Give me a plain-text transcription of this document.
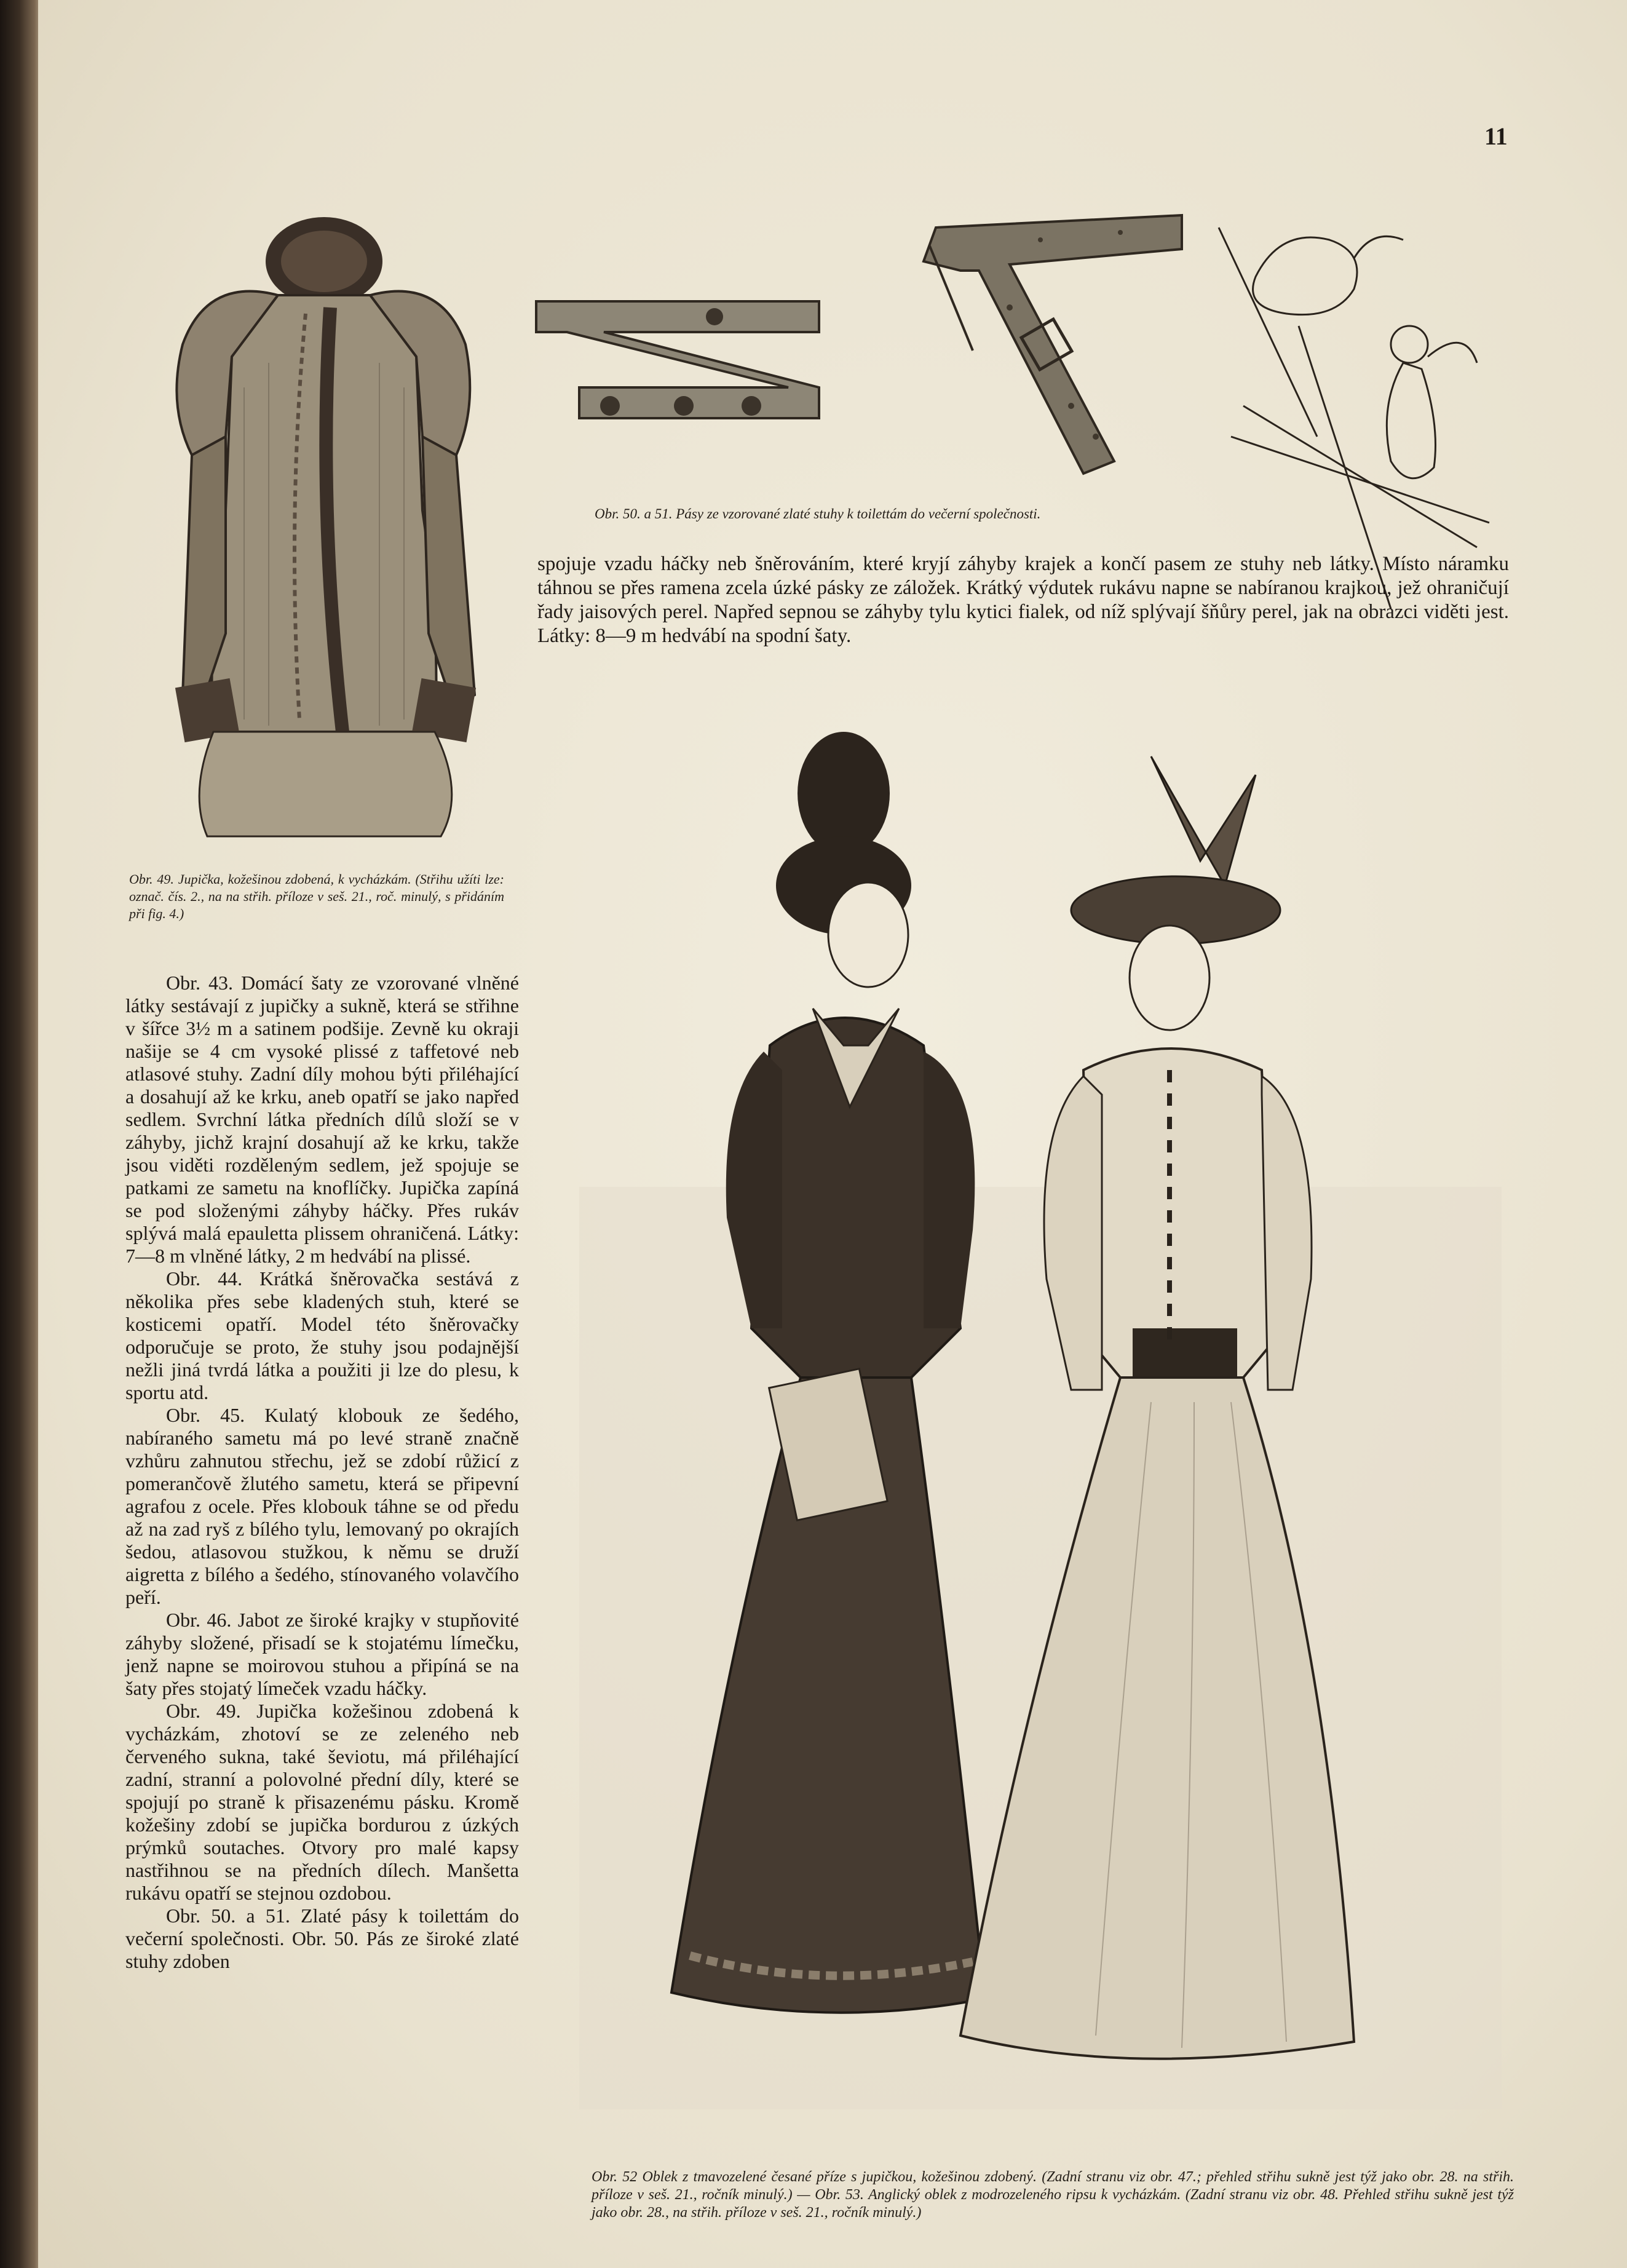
11
Obr. 50. a 51. Pásy ze vzorované zlaté stuhy k toilettám do večerní společnosti.

spojuje vzadu háčky neb šněrováním, které kryjí záhyby krajek a končí pasem ze stuhy neb látky. Místo náramku táhnou se přes ramena zcela úzké pásky ze záložek. Krátký výdutek rukávu napne se nabíranou krajkou, jež ohraničují řady jaisových perel. Napřed sepnou se záhyby tylu kytici fialek, od níž splývají šňůry perel, jak na obrazci viděti jest. Látky: 8—9 m hedvábí na spodní šaty.

Obr. 49. Jupička, kožešinou zdobená, k vycházkám. (Střihu užíti lze: označ. čís. 2., na na střih. příloze v seš. 21., roč. minulý, s přidáním při fig. 4.)

Obr. 43. Domácí šaty ze vzorované vlněné látky sestávají z jupičky a sukně, která se střihne v šířce 3½ m a satinem podšije. Zevně ku okraji našije se 4 cm vysoké plissé z taffetové neb atlasové stuhy. Zadní díly mohou býti přiléhající a dosahují až ke krku, aneb opatří se jako napřed sedlem. Svrchní látka předních dílů složí se v záhyby, jichž krajní dosahují až ke krku, takže jsou viděti rozděleným sedlem, jež spojuje se patkami ze sametu na knoflíčky. Jupička zapíná se pod složenými záhyby háčky. Přes rukáv splývá malá epauletta plissem ohraničená. Látky: 7—8 m vlněné látky, 2 m hedvábí na plissé.

Obr. 44. Krátká šněrovačka sestává z několika přes sebe kladených stuh, které se kosticemi opatří. Model této šněrovačky odporučuje se proto, že stuhy jsou podajnější nežli jiná tvrdá látka a použiti ji lze do plesu, k sportu atd.

Obr. 45. Kulatý klobouk ze šedého, nabíraného sametu má po levé straně značně vzhůru zahnutou střechu, jež se zdobí růžicí z pomerančově žlutého sametu, která se připevní agrafou z ocele. Přes klobouk táhne se od předu až na zad ryš z bílého tylu, lemovaný po okrajích šedou, atlasovou stužkou, k němu se druží aigretta z bílého a šedého, stínovaného volavčího peří.

Obr. 46. Jabot ze široké krajky v stupňovité záhyby složené, přisadí se k stojatému límečku, jenž napne se moirovou stuhou a připíná se na šaty přes stojatý límeček vzadu háčky.

Obr. 49. Jupička kožešinou zdobená k vycházkám, zhotoví se ze zeleného neb červeného sukna, také ševiotu, má přiléhající zadní, stranní a polovolné přední díly, které se spojují po straně k přisazenému pásku. Kromě kožešiny zdobí se jupička bordurou z úzkých prýmků soutaches. Otvory pro malé kapsy nastřihnou se na předních dílech. Manšetta rukávu opatří se stejnou ozdobou.

Obr. 50. a 51. Zlaté pásy k toilettám do večerní společnosti. Obr. 50. Pás ze široké zlaté stuhy zdoben

Obr. 52 Oblek z tmavozelené česané příze s jupičkou, kožešinou zdobený. (Zadní stranu viz obr. 47.; přehled střihu sukně jest týž jako obr. 28. na střih. příloze v seš. 21., ročník minulý.) — Obr. 53. Anglický oblek z modrozeleného ripsu k vycházkám. (Zadní stranu viz obr. 48. Přehled střihu sukně jest týž jako obr. 28., na střih. příloze v seš. 21., ročník minulý.)
